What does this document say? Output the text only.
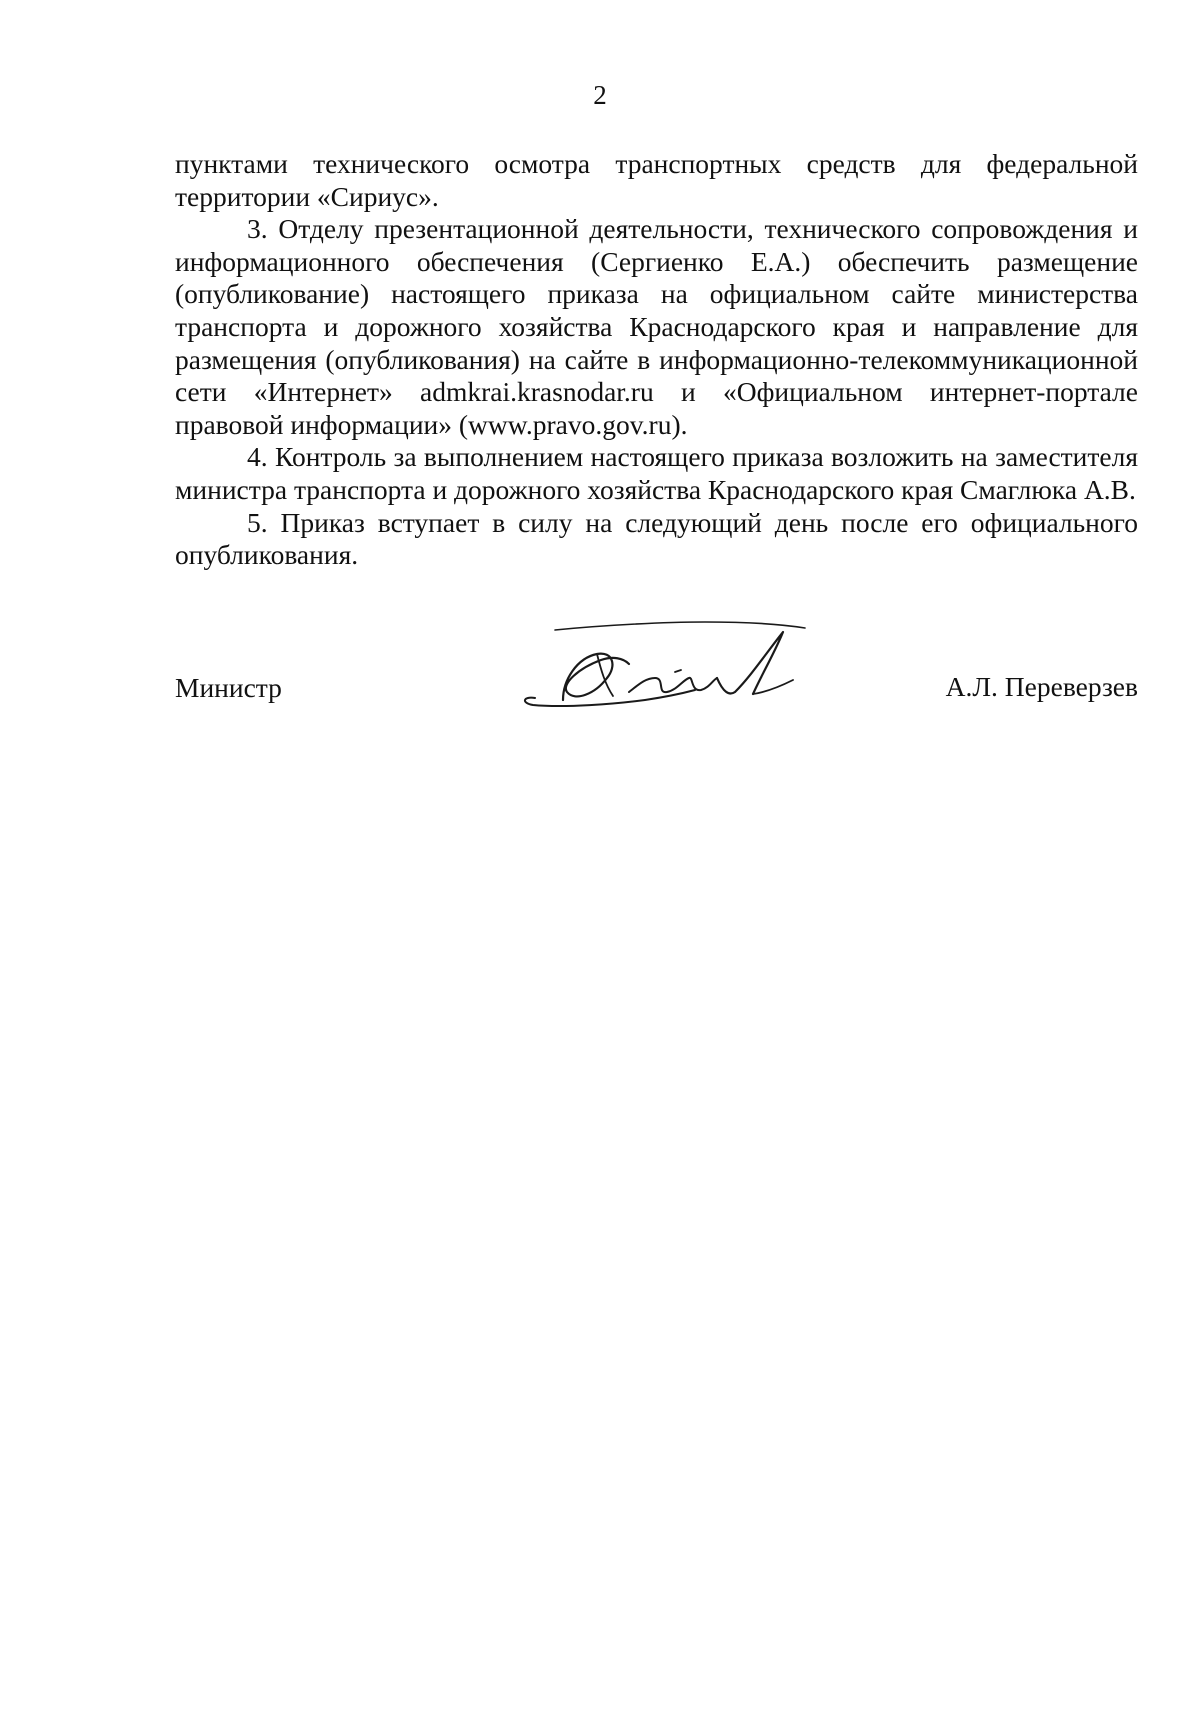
2

пунктами технического осмотра транспортных средств для федеральной территории «Сириус».

3. Отделу презентационной деятельности, технического сопровождения и информационного обеспечения (Сергиенко Е.А.) обеспечить размещение (опубликование) настоящего приказа на официальном сайте министерства транспорта и дорожного хозяйства Краснодарского края и направление для размещения (опубликования) на сайте в информационно-телекоммуникационной сети «Интернет» admkrai.krasnodar.ru и «Официальном интернет-портале правовой информации» (www.pravo.gov.ru).

4. Контроль за выполнением настоящего приказа возложить на заместителя министра транспорта и дорожного хозяйства Краснодарского края Смаглюка А.В.

5. Приказ вступает в силу на следующий день после его официального опубликования.

Министр	А.Л. Переверзев
